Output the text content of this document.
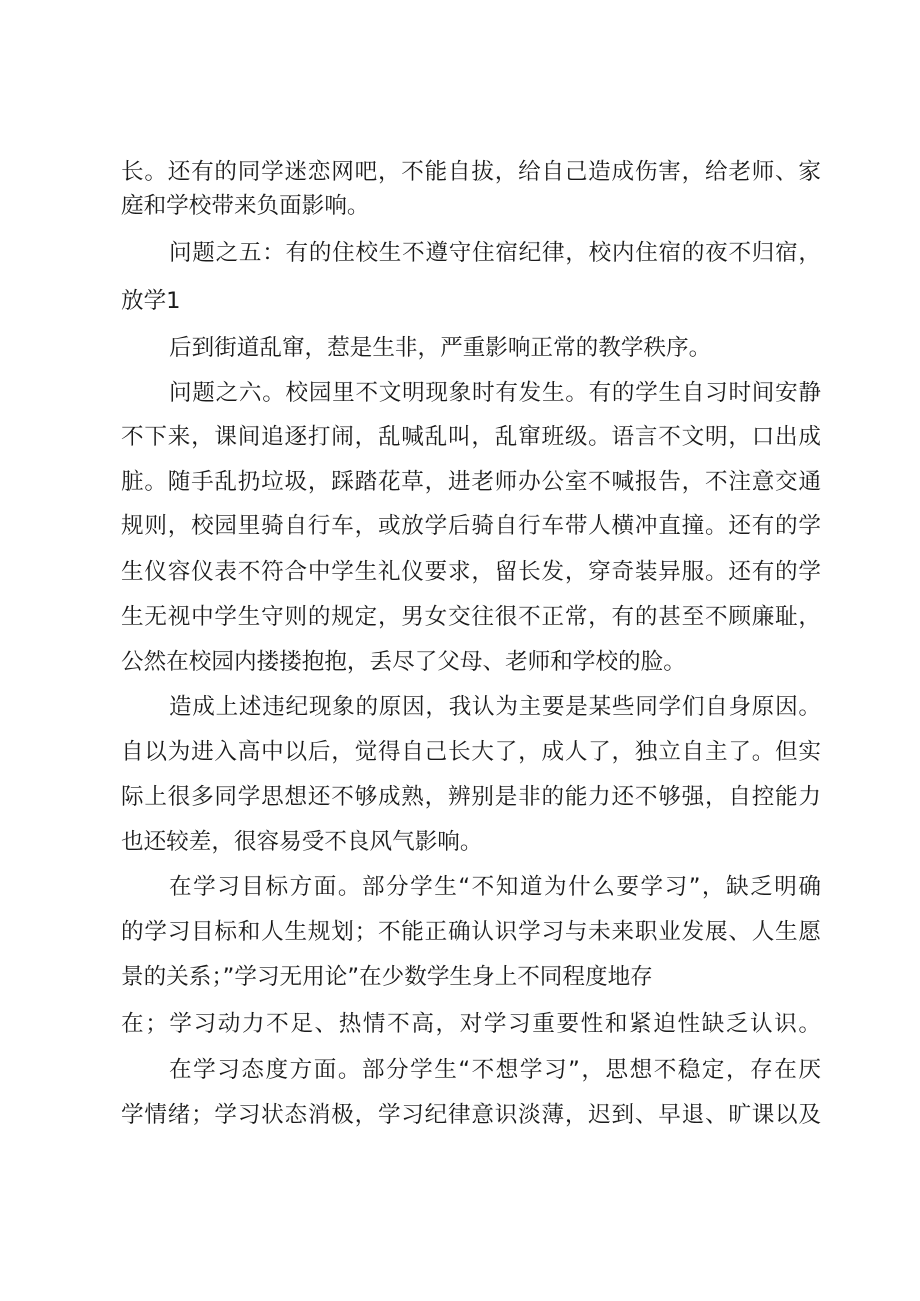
长。还有的同学迷恋网吧，不能自拔，给自己造成伤害，给老师、家
庭和学校带来负面影响。
问题之五：有的住校生不遵守住宿纪律，校内住宿的夜不归宿，
放学1
后到街道乱窜，惹是生非，严重影响正常的教学秩序。
问题之六。校园里不文明现象时有发生。有的学生自习时间安静
不下来，课间追逐打闹，乱喊乱叫，乱窜班级。语言不文明，口出成
脏。随手乱扔垃圾，踩踏花草，进老师办公室不喊报告，不注意交通
规则，校园里骑自行车，或放学后骑自行车带人横冲直撞。还有的学
生仪容仪表不符合中学生礼仪要求，留长发，穿奇装异服。还有的学
生无视中学生守则的规定，男女交往很不正常，有的甚至不顾廉耻，
公然在校园内搂搂抱抱，丢尽了父母、老师和学校的脸。
造成上述违纪现象的原因，我认为主要是某些同学们自身原因。
自以为进入高中以后，觉得自己长大了，成人了，独立自主了。但实
际上很多同学思想还不够成熟，辨别是非的能力还不够强，自控能力
也还较差，很容易受不良风气影响。
在学习目标方面。部分学生“不知道为什么要学习”，缺乏明确
的学习目标和人生规划；不能正确认识学习与未来职业发展、人生愿
景的关系；”学习无用论”在少数学生身上不同程度地存
在；学习动力不足、热情不高，对学习重要性和紧迫性缺乏认识。
在学习态度方面。部分学生“不想学习”，思想不稳定，存在厌
学情绪；学习状态消极，学习纪律意识淡薄，迟到、早退、旷课以及
